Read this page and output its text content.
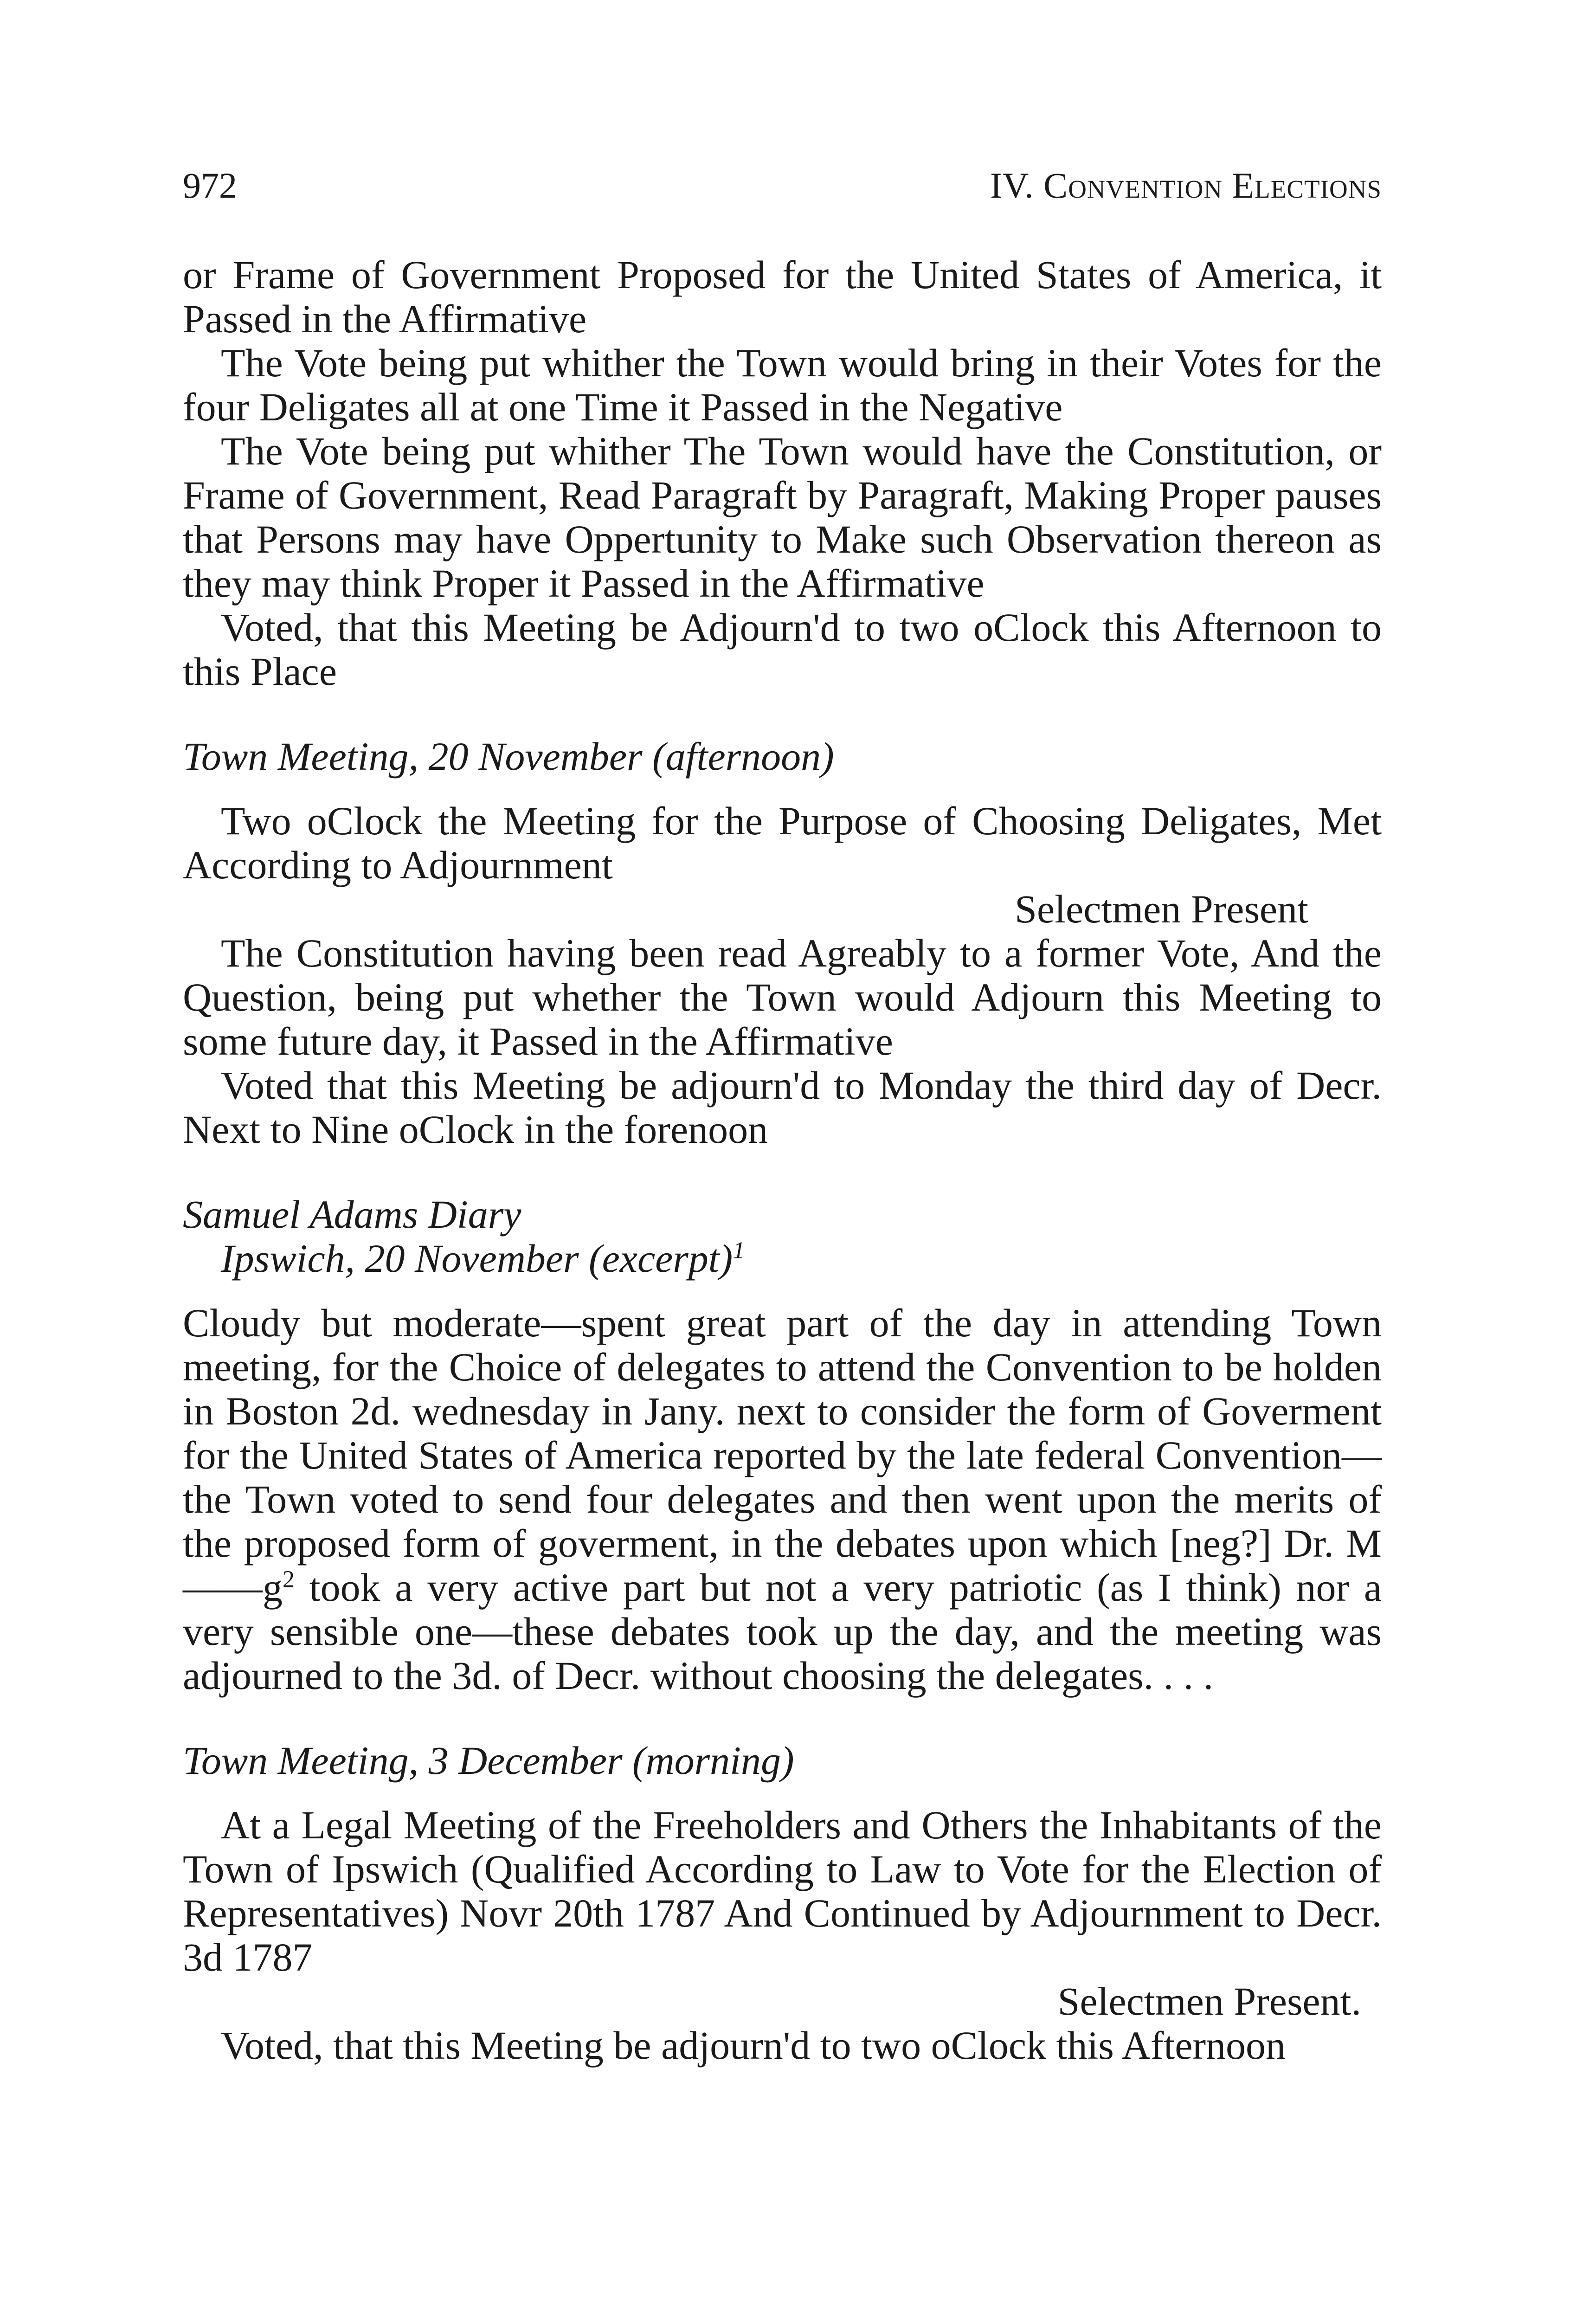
972	IV. Convention Elections

or Frame of Government Proposed for the United States of America, it Passed in the Affirmative

The Vote being put whither the Town would bring in their Votes for the four Deligates all at one Time it Passed in the Negative

The Vote being put whither The Town would have the Constitution, or Frame of Government, Read Paragraft by Paragraft, Making Proper pauses that Persons may have Oppertunity to Make such Observation thereon as they may think Proper it Passed in the Affirmative

Voted, that this Meeting be Adjourn'd to two oClock this Afternoon to this Place

Town Meeting, 20 November (afternoon)

Two oClock the Meeting for the Purpose of Choosing Deligates, Met According to Adjournment

Selectmen Present

The Constitution having been read Agreably to a former Vote, And the Question, being put whether the Town would Adjourn this Meeting to some future day, it Passed in the Affirmative

Voted that this Meeting be adjourn'd to Monday the third day of Decr. Next to Nine oClock in the forenoon

Samuel Adams Diary

Ipswich, 20 November (excerpt)$^1$

Cloudy but moderate—spent great part of the day in attending Town meeting, for the Choice of delegates to attend the Convention to be holden in Boston 2d. wednesday in Jany. next to consider the form of Goverment for the United States of America reported by the late federal Convention—the Town voted to send four delegates and then went upon the merits of the proposed form of goverment, in the debates upon which [neg?] Dr. $M——g^2$ took a very active part but not a very patriotic (as I think) nor a very sensible one—these debates took up the day, and the meeting was adjourned to the 3d. of Decr. without choosing the delegates. . . .

Town Meeting, 3 December (morning)

At a Legal Meeting of the Freeholders and Others the Inhabitants of the Town of Ipswich (Qualified According to Law to Vote for the Election of Representatives) Novr 20th 1787 And Continued by Adjournment to Decr. 3d 1787

Selectmen Present.

Voted, that this Meeting be adjourn'd to two oClock this Afternoon
